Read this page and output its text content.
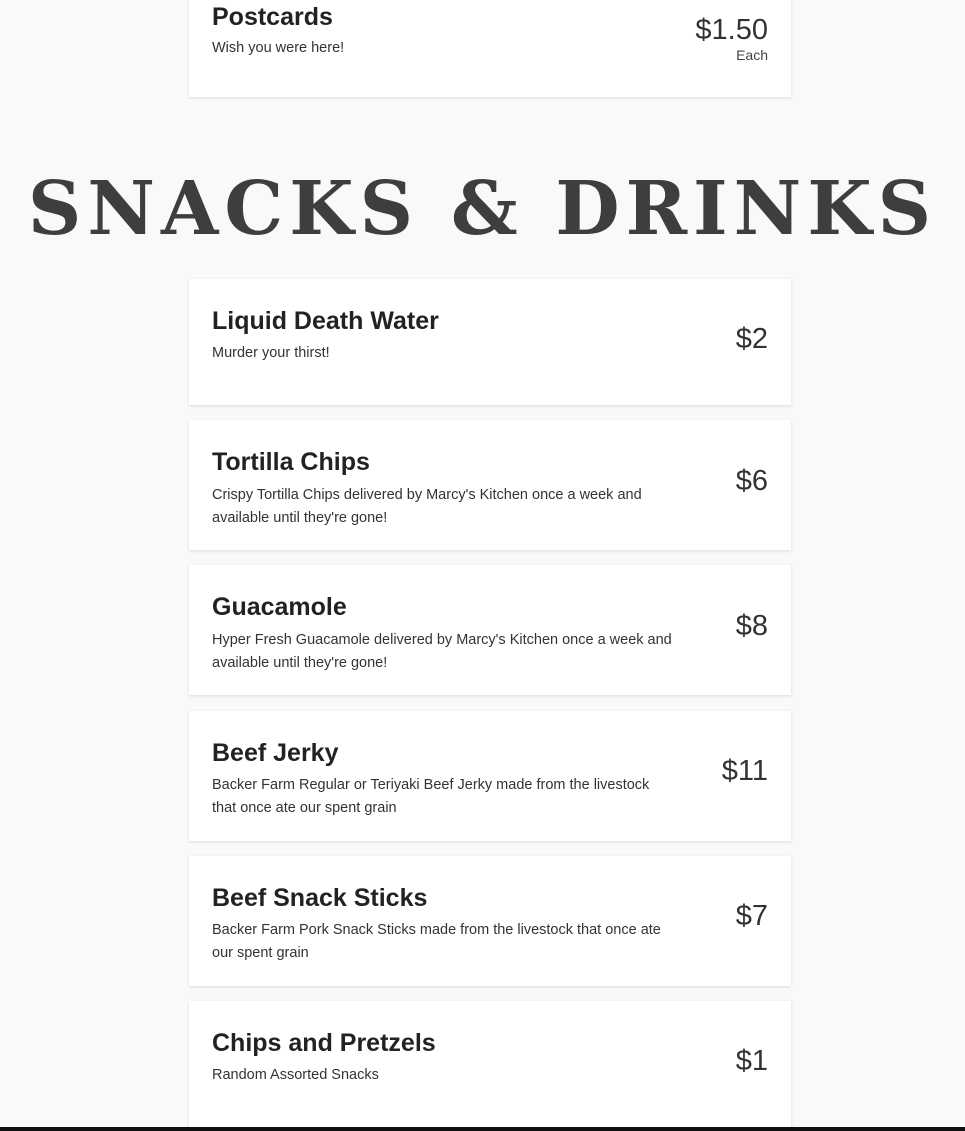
Postcards
Wish you were here!
$1.50
Each
SNACKS & DRINKS
Liquid Death Water
Murder your thirst!	$2
Tortilla Chips
Crispy Tortilla Chips delivered by Marcy's Kitchen once a week and available until they're gone!
$6
Guacamole
Hyper Fresh Guacamole delivered by Marcy's Kitchen once a week and available until they're gone!
$8
Beef Jerky
Backer Farm Regular or Teriyaki Beef Jerky made from the livestock that once ate our spent grain
$11
Beef Snack Sticks
Backer Farm Pork Snack Sticks made from the livestock that once ate our spent grain
$7
Chips and Pretzels
Random Assorted Snacks	$1
